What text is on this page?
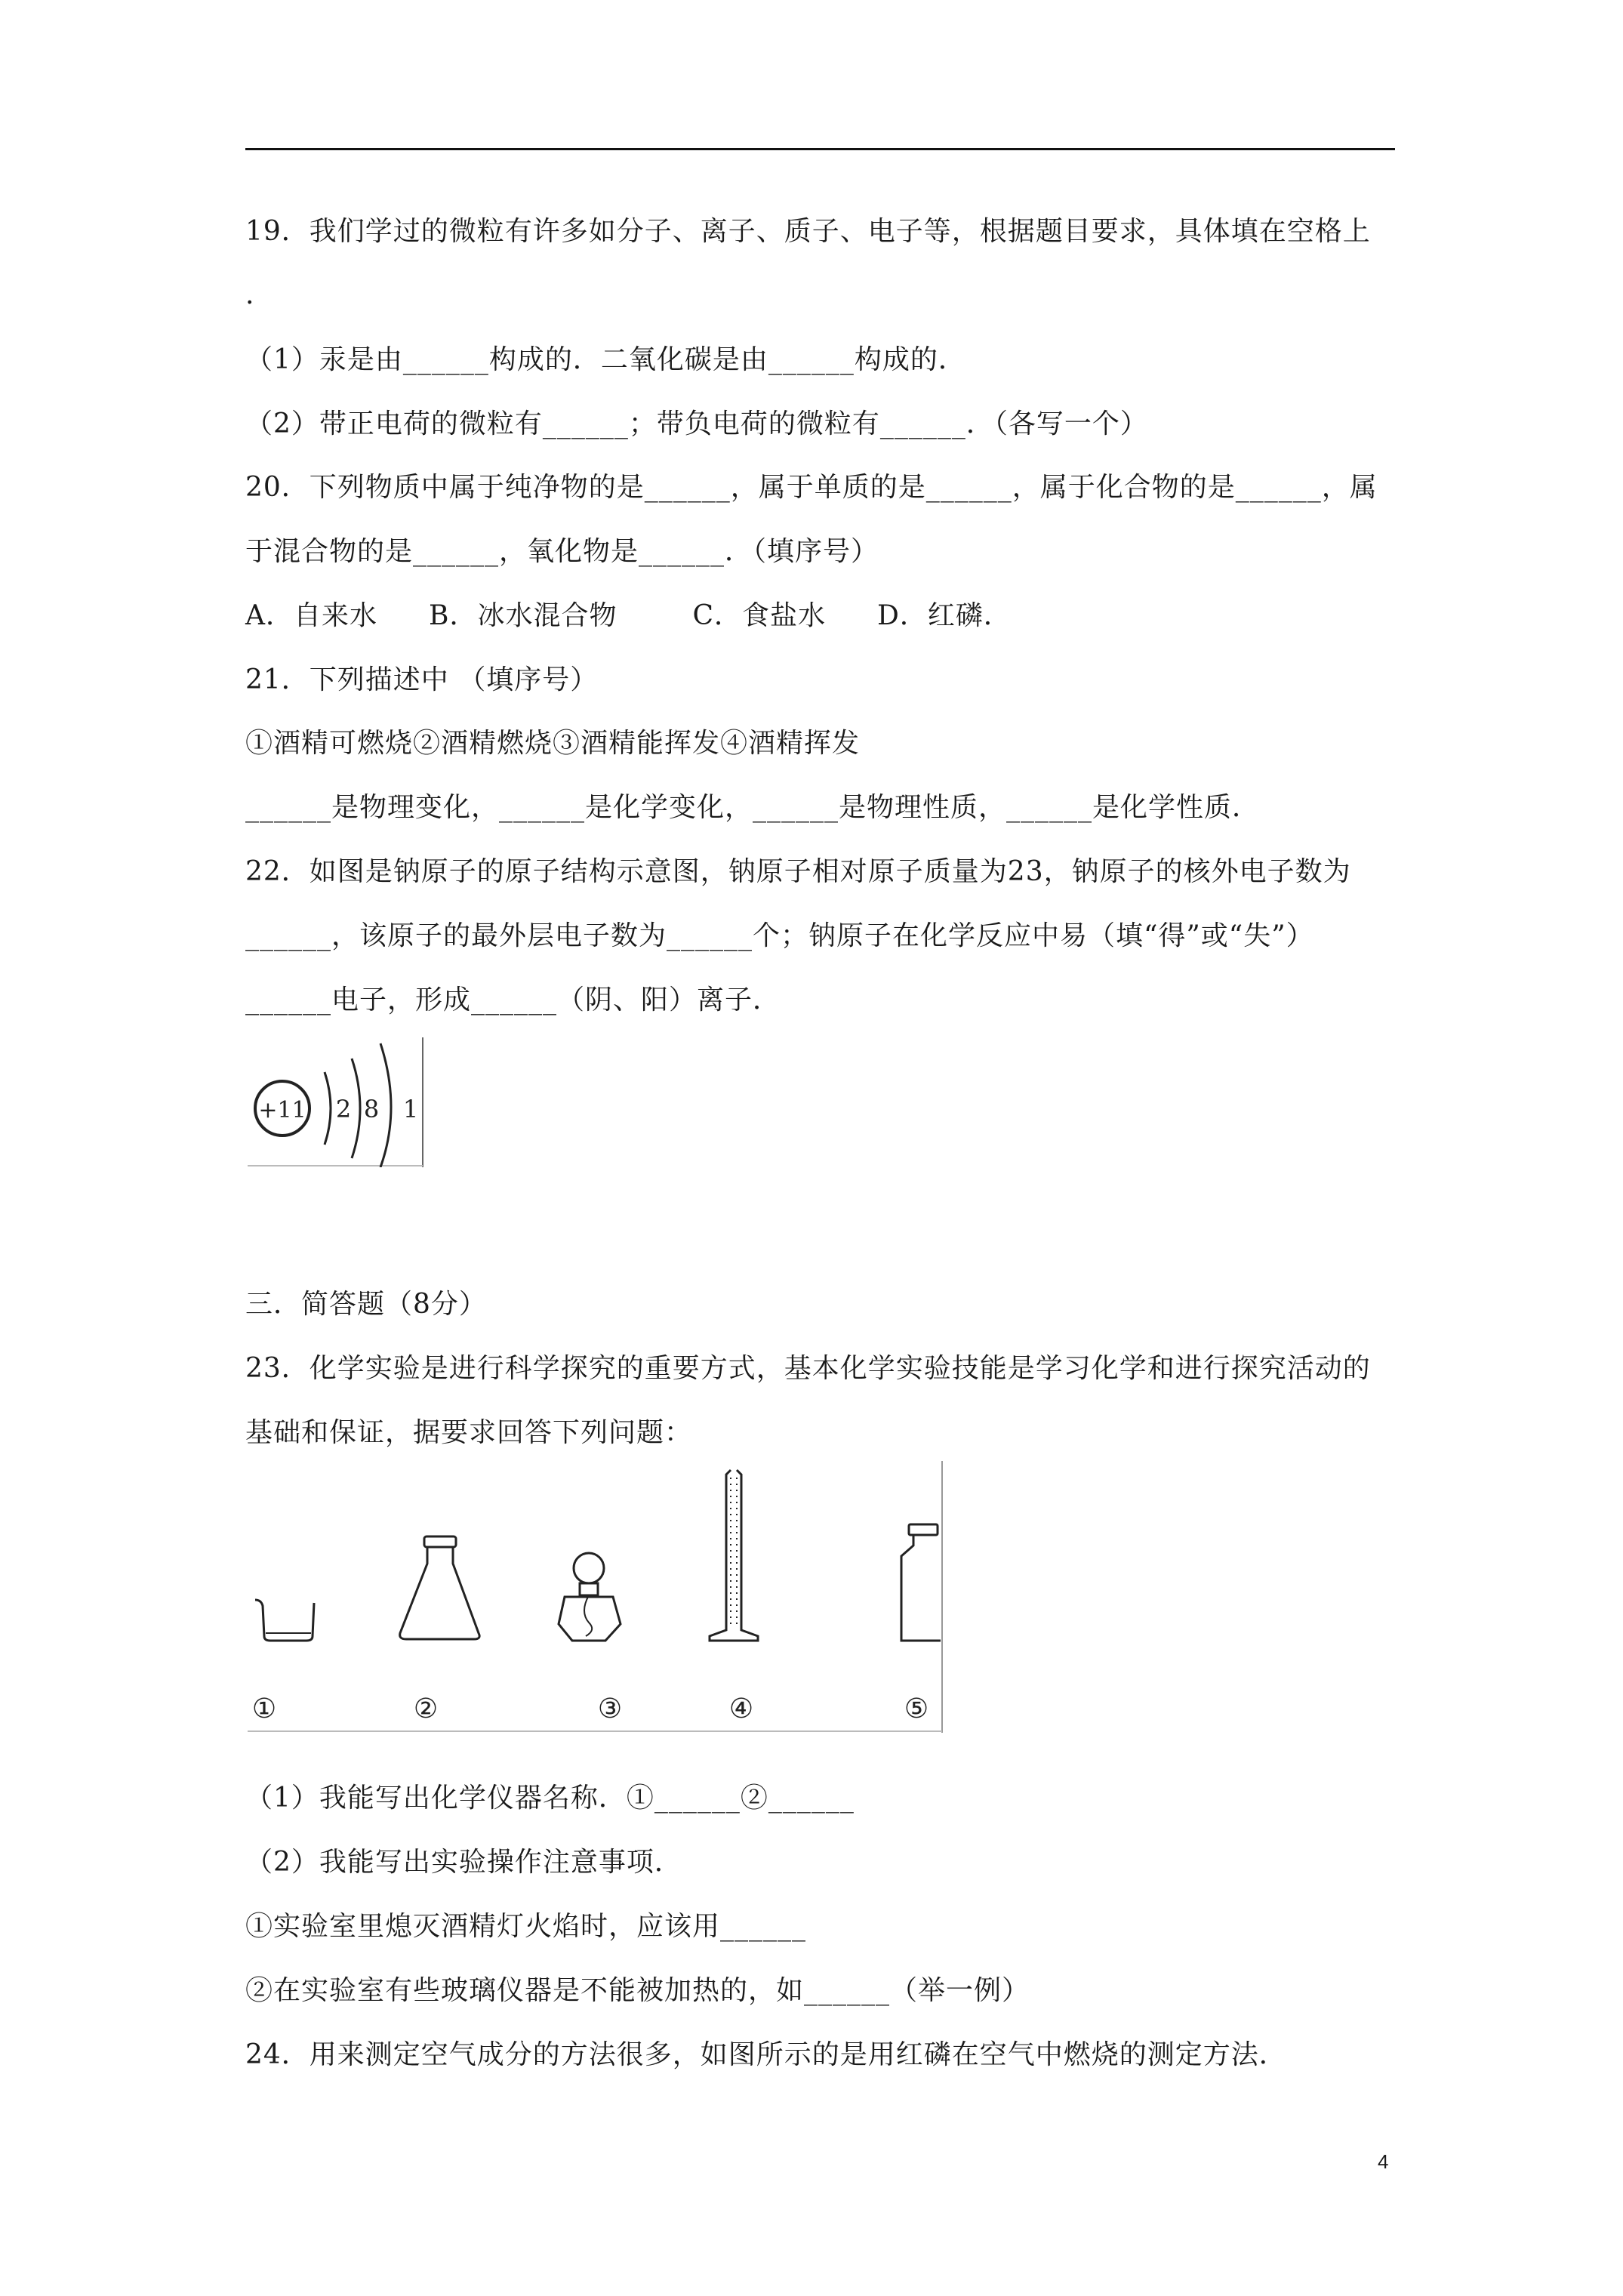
19．我们学过的微粒有许多如分子、离子、质子、电子等，根据题目要求，具体填在空格上
.
（1）汞是由______构成的．二氧化碳是由______构成的．
（2）带正电荷的微粒有______；带负电荷的微粒有______．（各写一个）
20．下列物质中属于纯净物的是______，属于单质的是______，属于化合物的是______，属
于混合物的是______，氧化物是______．（填序号）
A．自来水 B．冰水混合物	C．食盐水 D．红磷．
21．下列描述中 （填序号）
①酒精可燃烧②酒精燃烧③酒精能挥发④酒精挥发
______是物理变化，______是化学变化，______是物理性质，______是化学性质．
22．如图是钠原子的原子结构示意图，钠原子相对原子质量为23，钠原子的核外电子数为
______，该原子的最外层电子数为______个；钠原子在化学反应中易（填“得”或“失”）
______电子，形成______（阴、阳）离子．
+11 2 8 1
三．简答题（8分）
23．化学实验是进行科学探究的重要方式，基本化学实验技能是学习化学和进行探究活动的
基础和保证，据要求回答下列问题：
①	②	③	④	⑤
（1）我能写出化学仪器名称．①______②______
（2）我能写出实验操作注意事项．
①实验室里熄灭酒精灯火焰时，应该用______
②在实验室有些玻璃仪器是不能被加热的，如______（举一例）
24．用来测定空气成分的方法很多，如图所示的是用红磷在空气中燃烧的测定方法．
4
